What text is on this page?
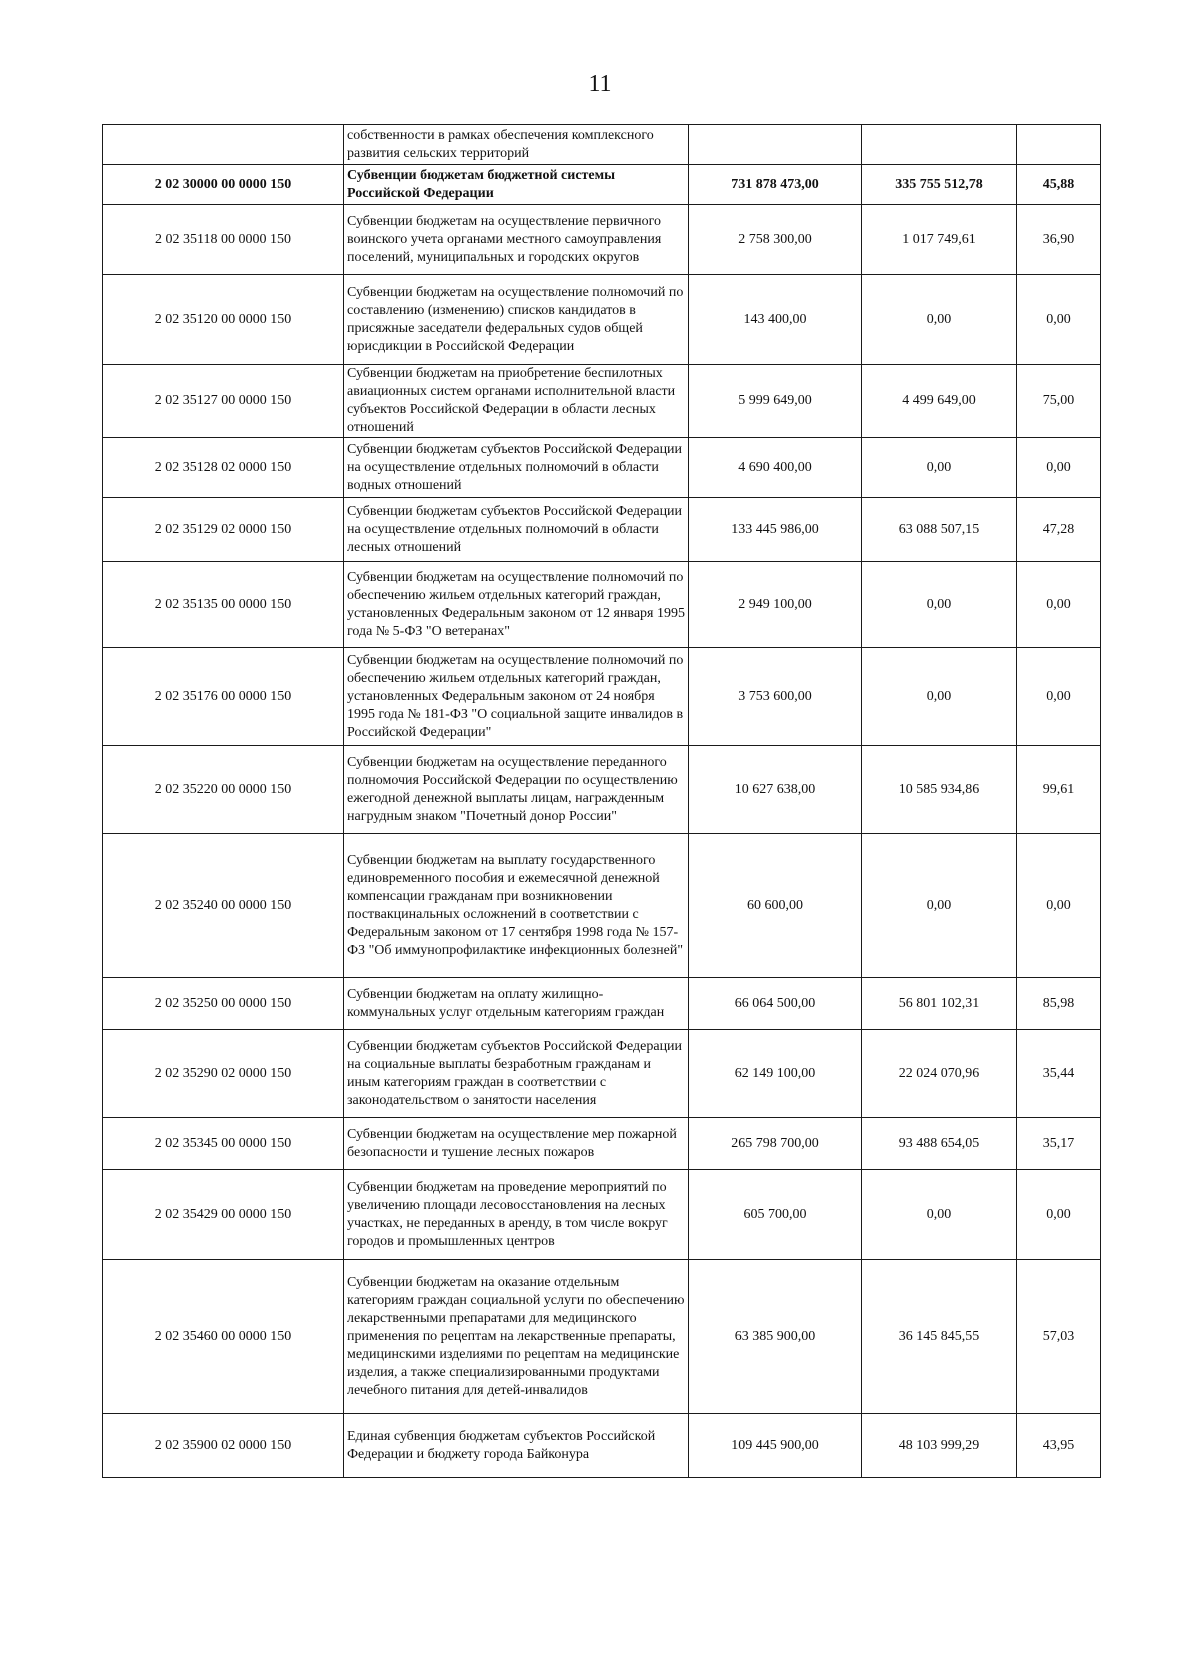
11
	собственности в рамках обеспечения комплексного развития сельских территорий			
2 02 30000 00 0000 150	Субвенции бюджетам бюджетной системы Российской Федерации	731 878 473,00	335 755 512,78	45,88
2 02 35118 00 0000 150	Субвенции бюджетам на осуществление первичного воинского учета органами местного самоуправления поселений, муниципальных и городских округов	2 758 300,00	1 017 749,61	36,90
2 02 35120 00 0000 150	Субвенции бюджетам на осуществление полномочий по составлению (изменению) списков кандидатов в присяжные заседатели федеральных судов общей юрисдикции в Российской Федерации	143 400,00	0,00	0,00
2 02 35127 00 0000 150	Субвенции бюджетам на приобретение беспилотных авиационных систем органами исполнительной власти субъектов Российской Федерации в области лесных отношений	5 999 649,00	4 499 649,00	75,00
2 02 35128 02 0000 150	Субвенции бюджетам субъектов Российской Федерации на осуществление отдельных полномочий в области водных отношений	4 690 400,00	0,00	0,00
2 02 35129 02 0000 150	Субвенции бюджетам субъектов Российской Федерации на осуществление отдельных полномочий в области лесных отношений	133 445 986,00	63 088 507,15	47,28
2 02 35135 00 0000 150	Субвенции бюджетам на осуществление полномочий по обеспечению жильем отдельных категорий граждан, установленных Федеральным законом от 12 января 1995 года № 5-ФЗ "О ветеранах"	2 949 100,00	0,00	0,00
2 02 35176 00 0000 150	Субвенции бюджетам на осуществление полномочий по обеспечению жильем отдельных категорий граждан, установленных Федеральным законом от 24 ноября 1995 года № 181-ФЗ "О социальной защите инвалидов в Российской Федерации"	3 753 600,00	0,00	0,00
2 02 35220 00 0000 150	Субвенции бюджетам на осуществление переданного полномочия Российской Федерации по осуществлению ежегодной денежной выплаты лицам, награжденным нагрудным знаком "Почетный донор России"	10 627 638,00	10 585 934,86	99,61
2 02 35240 00 0000 150	Субвенции бюджетам на выплату государственного единовременного пособия и ежемесячной денежной компенсации гражданам при возникновении поствакцинальных осложнений в соответствии с Федеральным законом от 17 сентября 1998 года № 157-ФЗ "Об иммунопрофилактике инфекционных болезней"	60 600,00	0,00	0,00
2 02 35250 00 0000 150	Субвенции бюджетам на оплату жилищно-коммунальных услуг отдельным категориям граждан	66 064 500,00	56 801 102,31	85,98
2 02 35290 02 0000 150	Субвенции бюджетам субъектов Российской Федерации на социальные выплаты безработным гражданам и иным категориям граждан в соответствии с законодательством о занятости населения	62 149 100,00	22 024 070,96	35,44
2 02 35345 00 0000 150	Субвенции бюджетам на осуществление мер пожарной безопасности и тушение лесных пожаров	265 798 700,00	93 488 654,05	35,17
2 02 35429 00 0000 150	Субвенции бюджетам на проведение мероприятий по увеличению площади лесовосстановления на лесных участках, не переданных в аренду, в том числе вокруг городов и промышленных центров	605 700,00	0,00	0,00
2 02 35460 00 0000 150	Субвенции бюджетам на оказание отдельным категориям граждан социальной услуги по обеспечению лекарственными препаратами для медицинского применения по рецептам на лекарственные препараты, медицинскими изделиями по рецептам на медицинские изделия, а также специализированными продуктами лечебного питания для детей-инвалидов	63 385 900,00	36 145 845,55	57,03
2 02 35900 02 0000 150	Единая субвенция бюджетам субъектов Российской Федерации и бюджету города Байконура	109 445 900,00	48 103 999,29	43,95
